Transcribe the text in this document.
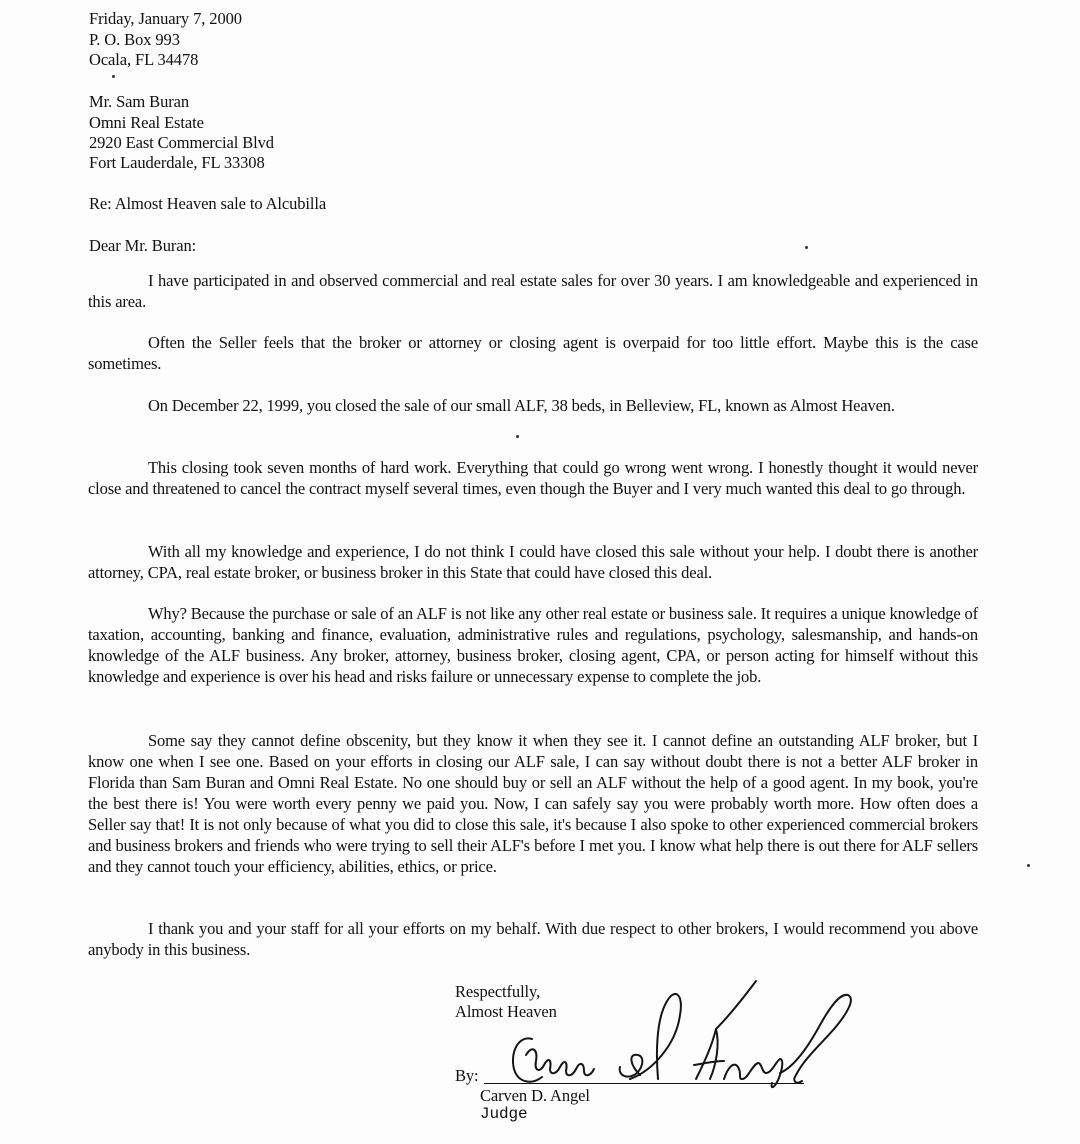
Friday, January 7, 2000
P. O. Box 993
Ocala, FL 34478
Mr. Sam Buran
Omni Real Estate
2920 East Commercial Blvd
Fort Lauderdale, FL 33308
Re: Almost Heaven sale to Alcubilla
Dear Mr. Buran:
I have participated in and observed commercial and real estate sales for over 30 years. I am knowledgeable and experienced in this area.
Often the Seller feels that the broker or attorney or closing agent is overpaid for too little effort. Maybe this is the case sometimes.
On December 22, 1999, you closed the sale of our small ALF, 38 beds, in Belleview, FL, known as Almost Heaven.
This closing took seven months of hard work. Everything that could go wrong went wrong. I honestly thought it would never close and threatened to cancel the contract myself several times, even though the Buyer and I very much wanted this deal to go through.
With all my knowledge and experience, I do not think I could have closed this sale without your help. I doubt there is another attorney, CPA, real estate broker, or business broker in this State that could have closed this deal.
Why? Because the purchase or sale of an ALF is not like any other real estate or business sale. It requires a unique knowledge of taxation, accounting, banking and finance, evaluation, administrative rules and regulations, psychology, salesmanship, and hands-on knowledge of the ALF business. Any broker, attorney, business broker, closing agent, CPA, or person acting for himself without this knowledge and experience is over his head and risks failure or unnecessary expense to complete the job.
Some say they cannot define obscenity, but they know it when they see it. I cannot define an outstanding ALF broker, but I know one when I see one. Based on your efforts in closing our ALF sale, I can say without doubt there is not a better ALF broker in Florida than Sam Buran and Omni Real Estate. No one should buy or sell an ALF without the help of a good agent. In my book, you're the best there is! You were worth every penny we paid you. Now, I can safely say you were probably worth more. How often does a Seller say that! It is not only because of what you did to close this sale, it's because I also spoke to other experienced commercial brokers and business brokers and friends who were trying to sell their ALF's before I met you. I know what help there is out there for ALF sellers and they cannot touch your efficiency, abilities, ethics, or price.
I thank you and your staff for all your efforts on my behalf. With due respect to other brokers, I would recommend you above anybody in this business.
Respectfully,
Almost Heaven
By:
Carven D. Angel
Judge
